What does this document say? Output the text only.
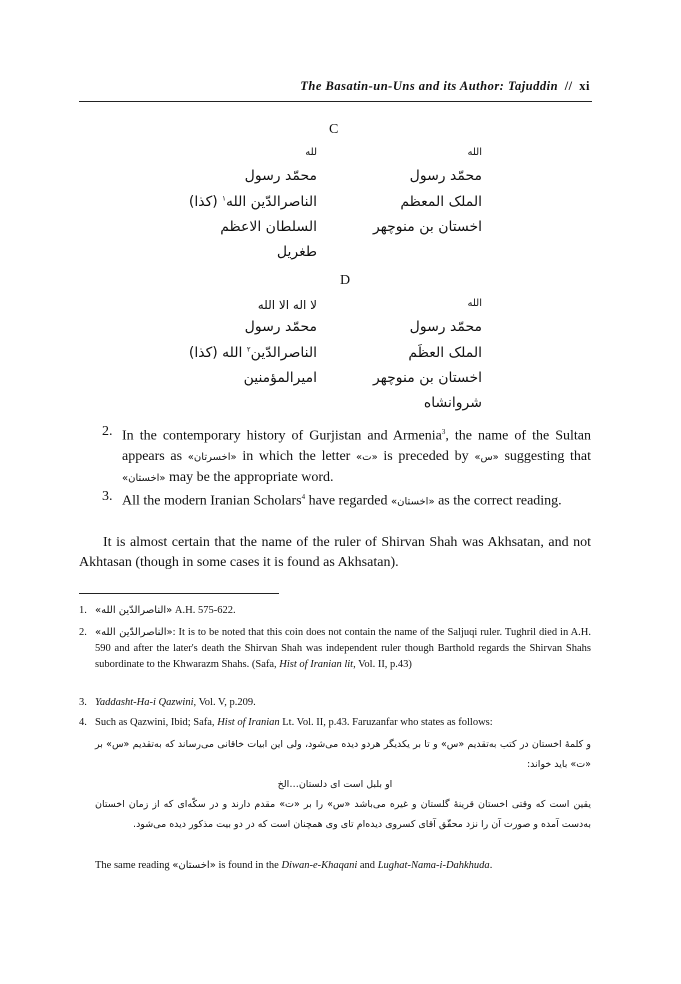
The Basatin-un-Uns and its Author: Tajuddin // xi
C
الله
محمّد رسول
الملک المعظم
اخستان بن منوچهر
لله
محمّد رسول
الناصرالدّین الله$^١$ (كذا)
السلطان الاعظم
طغریل
D
الله
محمّد رسول
الملک العظَم
اخستان بن منوچهر
شروانشاه
لا اله الا الله
محمّد رسول
الناصرالدّین$^٢$ الله (كذا)
امیرالمؤمنین
2. In the contemporary history of Gurjistan and Armenia$^3$, the name of the Sultan appears as «اخسرتان» in which the letter «ت» is preceded by «س» suggesting that «اخستان» may be the appropriate word.
3. All the modern Iranian Scholars$^4$ have regarded «اخستان» as the correct reading.
It is almost certain that the name of the ruler of Shirvan Shah was Akhsatan, and not Akhtasan (though in some cases it is found as Akhsatan).
1. «الناصرالدّین الله» A.H. 575-622.
2. «الناصرالدّین الله»: It is to be noted that this coin does not contain the name of the Saljuqi ruler. Tughril died in A.H. 590 and after the later's death the Shirvan Shah was independent ruler though Barthold regards the Shirvan Shahs subordinate to the Khwarazm Shahs. (Safa, Hist of Iranian lit, Vol. II, p.43)
3. Yaddasht-Ha-i Qazwini, Vol. V, p.209.
4. Such as Qazwini, Ibid; Safa, Hist of Iranian Lt. Vol. II, p.43. Faruzanfar who states as follows:
و کلمهٔ اخستان در کتب به‌تقدیم «س» و تا بر یکدیگر هردو دیده می‌شود، ولی این ابیات خاقانی می‌رساند که به‌تقدیم «س» بر «ت» باید خواند:
او بلبل است ای دلستان…الخ
یقین است که وقتی اخستان قرینهٔ گلستان و غیره می‌باشد «س» را بر «ت» مقدم دارند و در سکّه‌ای که از زمان اخستان به‌دست آمده و صورت آن را نزد محقّق آقای کسروی دیده‌ام تای وی همچنان است که در دو بیت مذکور دیده می‌شود.
The same reading «اخستان» is found in the Diwan-e-Khaqani and Lughat-Nama-i-Dahkhuda.
